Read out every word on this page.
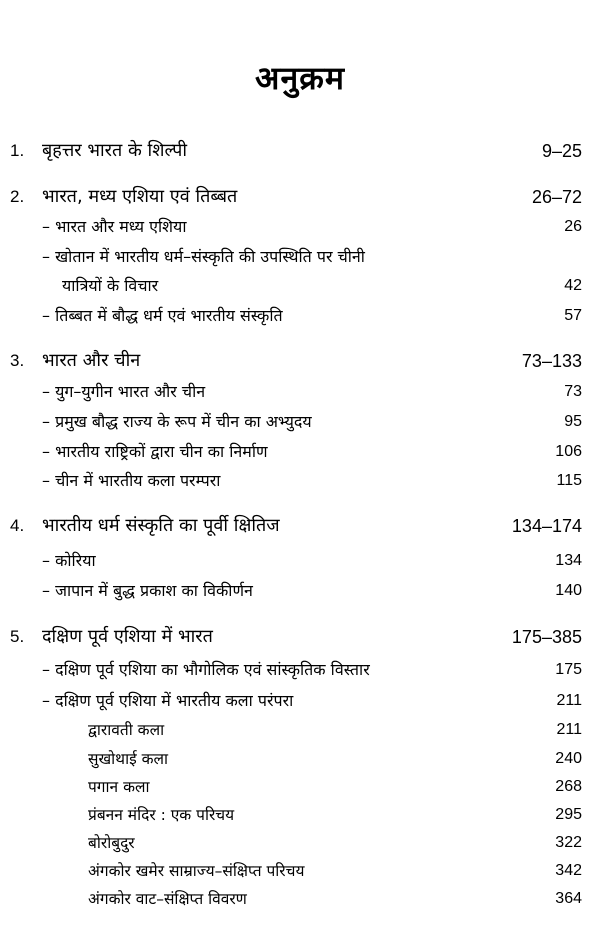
अनुक्रम
1. बृहत्तर भारत के शिल्पी	9–25
2. भारत, मध्य एशिया एवं तिब्बत	26–72
– भारत और मध्य एशिया	26
– खोतान में भारतीय धर्म–संस्कृति की उपस्थिति पर चीनी
यात्रियों के विचार	42
– तिब्बत में बौद्ध धर्म एवं भारतीय संस्कृति	57
3. भारत और चीन	73–133
– युग–युगीन भारत और चीन	73
– प्रमुख बौद्ध राज्य के रूप में चीन का अभ्युदय	95
– भारतीय राष्ट्रिकों द्वारा चीन का निर्माण	106
– चीन में भारतीय कला परम्परा	115
4. भारतीय धर्म संस्कृति का पूर्वी क्षितिज	134–174
– कोरिया	134
– जापान में बुद्ध प्रकाश का विकीर्णन	140
5. दक्षिण पूर्व एशिया में भारत	175–385
– दक्षिण पूर्व एशिया का भौगोलिक एवं सांस्कृतिक विस्तार	175
– दक्षिण पूर्व एशिया में भारतीय कला परंपरा	211
द्वारावती कला	211
सुखोथाई कला	240
पगान कला	268
प्रंबनन मंदिर : एक परिचय	295
बोरोबुदुर	322
अंगकोर खमेर साम्राज्य–संक्षिप्त परिचय	342
अंगकोर वाट–संक्षिप्त विवरण	364
